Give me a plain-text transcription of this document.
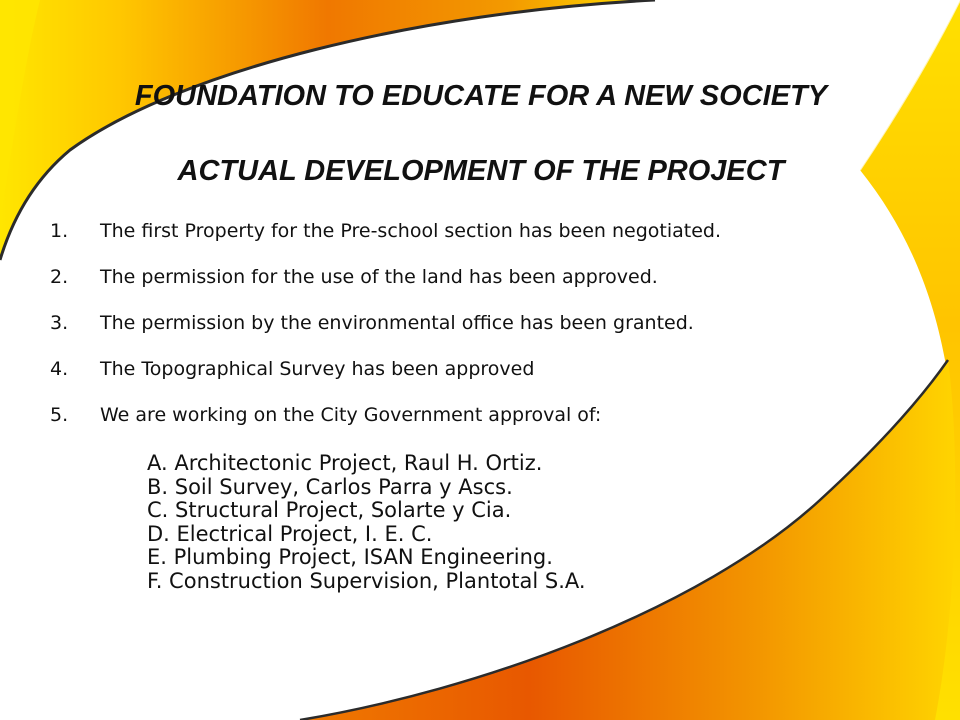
FOUNDATION TO EDUCATE FOR A NEW SOCIETY
ACTUAL DEVELOPMENT OF THE PROJECT
1. The first Property for the Pre-school section has been negotiated.
2. The permission for the use of the land has been approved.
3. The permission by the environmental office has been granted.
4. The Topographical Survey has been approved
5. We are working on the City Government approval of:
A. Architectonic Project, Raul H. Ortiz.
B. Soil Survey, Carlos Parra y Ascs.
C. Structural Project, Solarte y Cia.
D. Electrical Project, I. E. C.
E. Plumbing Project, ISAN Engineering.
F. Construction Supervision, Plantotal S.A.
